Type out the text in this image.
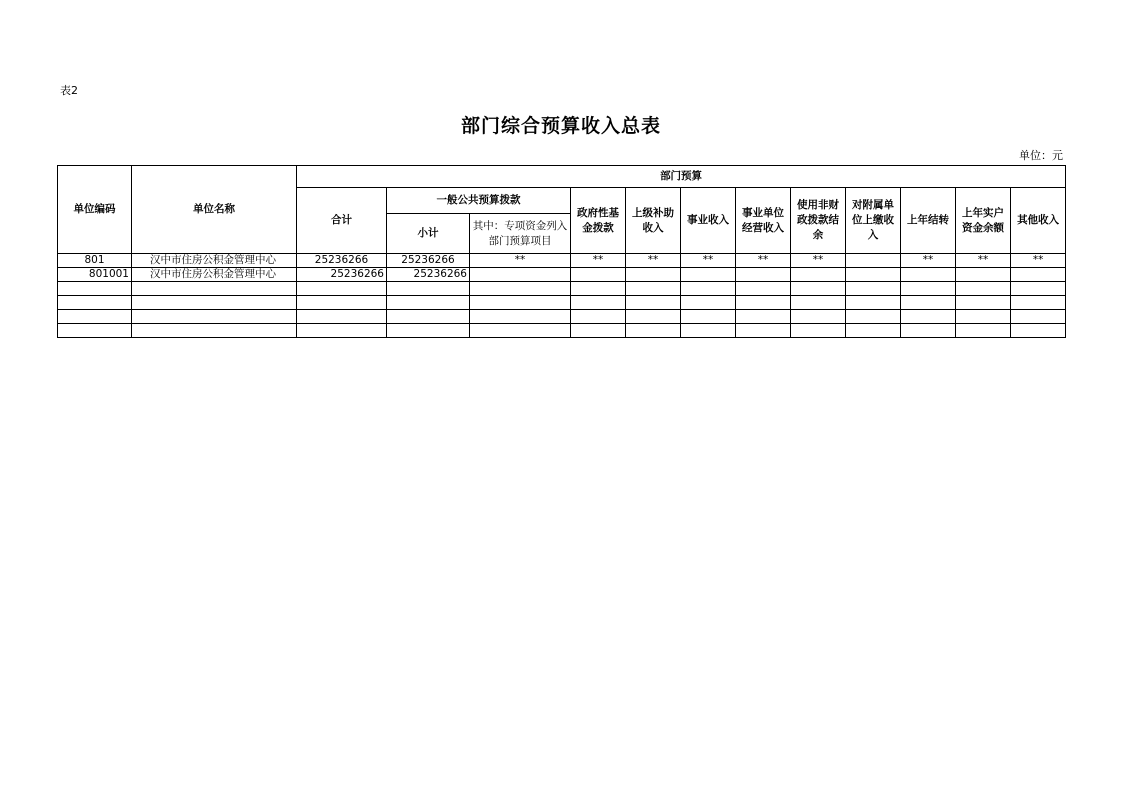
表2
部门综合预算收入总表
单位：元
单位编码	单位名称	部门预算											
		合计	一般公共预算拨款		政府性基金拨款	上级补助收入	事业收入	事业单位经营收入	使用非财政拨款结余	对附属单位上缴收入	上年结转	上年实户资金余额	其他收入
			小计	其中：专项资金列入部门预算项目									
801	汉中市住房公积金管理中心	25236266	25236266	**	**	**	**	**	**		**	**	**
801001	汉中市住房公积金管理中心	25236266	25236266										
